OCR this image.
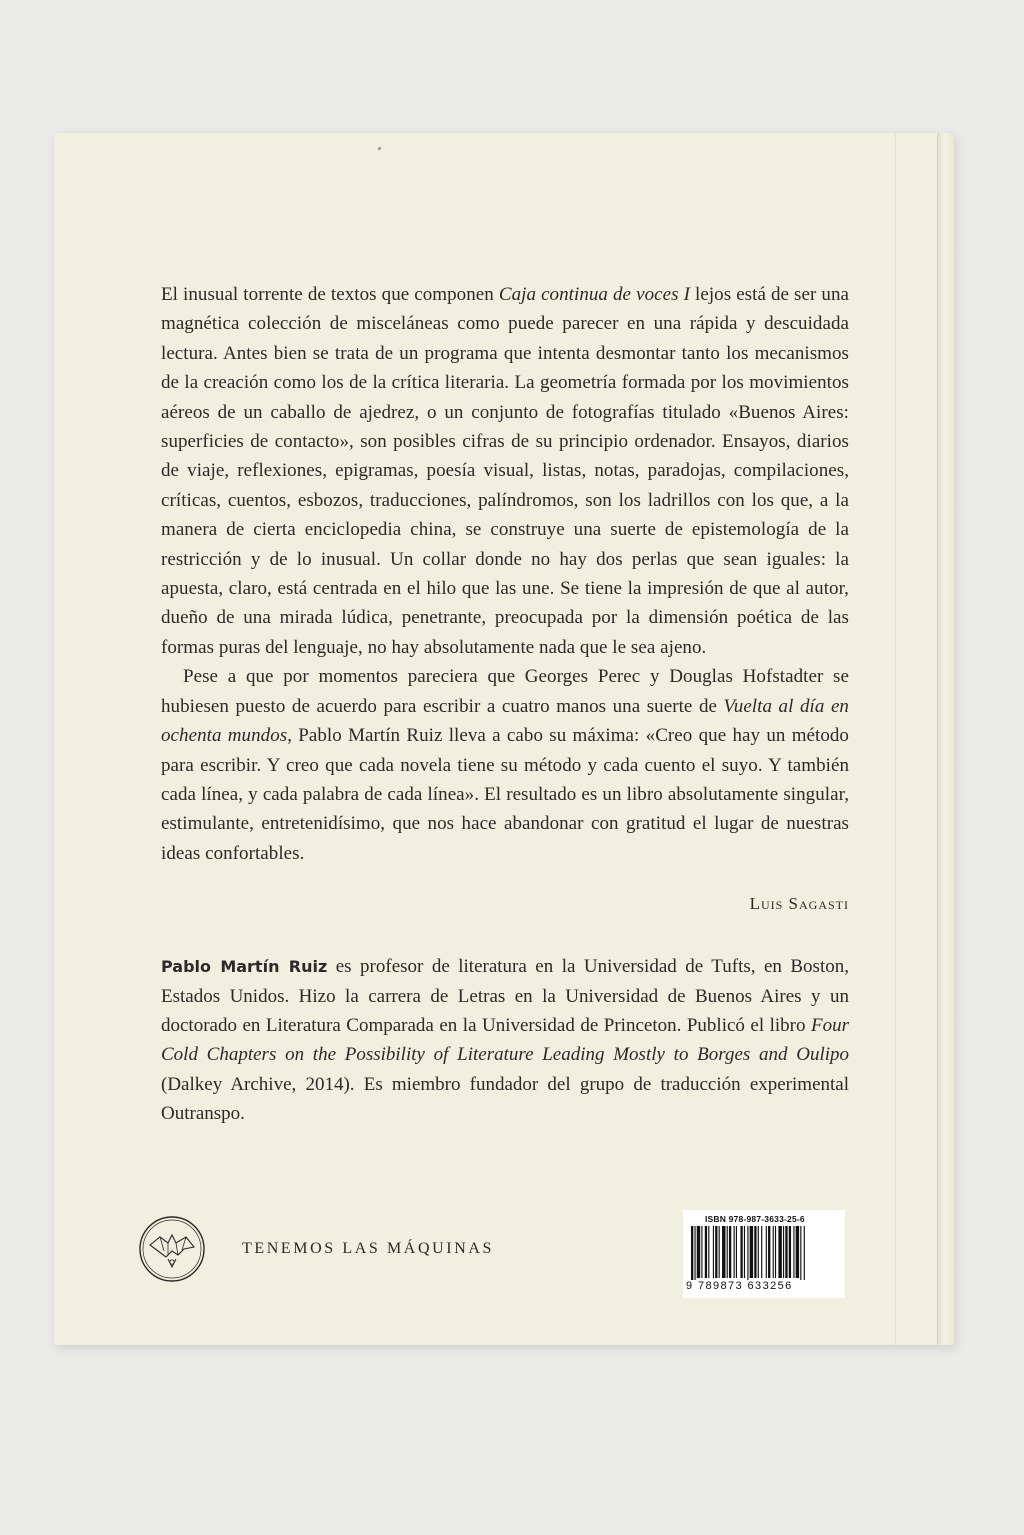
El inusual torrente de textos que componen Caja continua de voces I lejos está de ser una magnética colección de misceláneas como puede parecer en una rápida y descuidada lectura. Antes bien se trata de un programa que intenta desmontar tanto los mecanismos de la creación como los de la crítica literaria. La geometría formada por los movimientos aéreos de un caballo de ajedrez, o un conjunto de fotografías titulado «Buenos Aires: superficies de contacto», son posibles cifras de su principio ordenador. Ensayos, diarios de viaje, reflexiones, epigramas, poesía visual, listas, notas, paradojas, compilaciones, críticas, cuentos, esbozos, traducciones, palíndromos, son los ladrillos con los que, a la manera de cierta enciclopedia china, se construye una suerte de epistemología de la restricción y de lo inusual. Un collar donde no hay dos perlas que sean iguales: la apuesta, claro, está centrada en el hilo que las une. Se tiene la impresión de que al autor, dueño de una mirada lúdica, penetrante, preocupada por la dimensión poética de las formas puras del lenguaje, no hay absolutamente nada que le sea ajeno.

Pese a que por momentos pareciera que Georges Perec y Douglas Hofstadter se hubiesen puesto de acuerdo para escribir a cuatro manos una suerte de Vuelta al día en ochenta mundos, Pablo Martín Ruiz lleva a cabo su máxima: «Creo que hay un método para escribir. Y creo que cada novela tiene su método y cada cuento el suyo. Y también cada línea, y cada palabra de cada línea». El resultado es un libro absolutamente singular, estimulante, entretenidísimo, que nos hace abandonar con gratitud el lugar de nuestras ideas confortables.

Luis Sagasti
Pablo Martín Ruiz es profesor de literatura en la Universidad de Tufts, en Boston, Estados Unidos. Hizo la carrera de Letras en la Universidad de Buenos Aires y un doctorado en Literatura Comparada en la Universidad de Princeton. Publicó el libro Four Cold Chapters on the Possibility of Literature Leading Mostly to Borges and Oulipo (Dalkey Archive, 2014). Es miembro fundador del grupo de traducción experimental Outranspo.
TENEMOS LAS MÁQUINAS
ISBN 978-987-3633-25-6
9 789873 633256
